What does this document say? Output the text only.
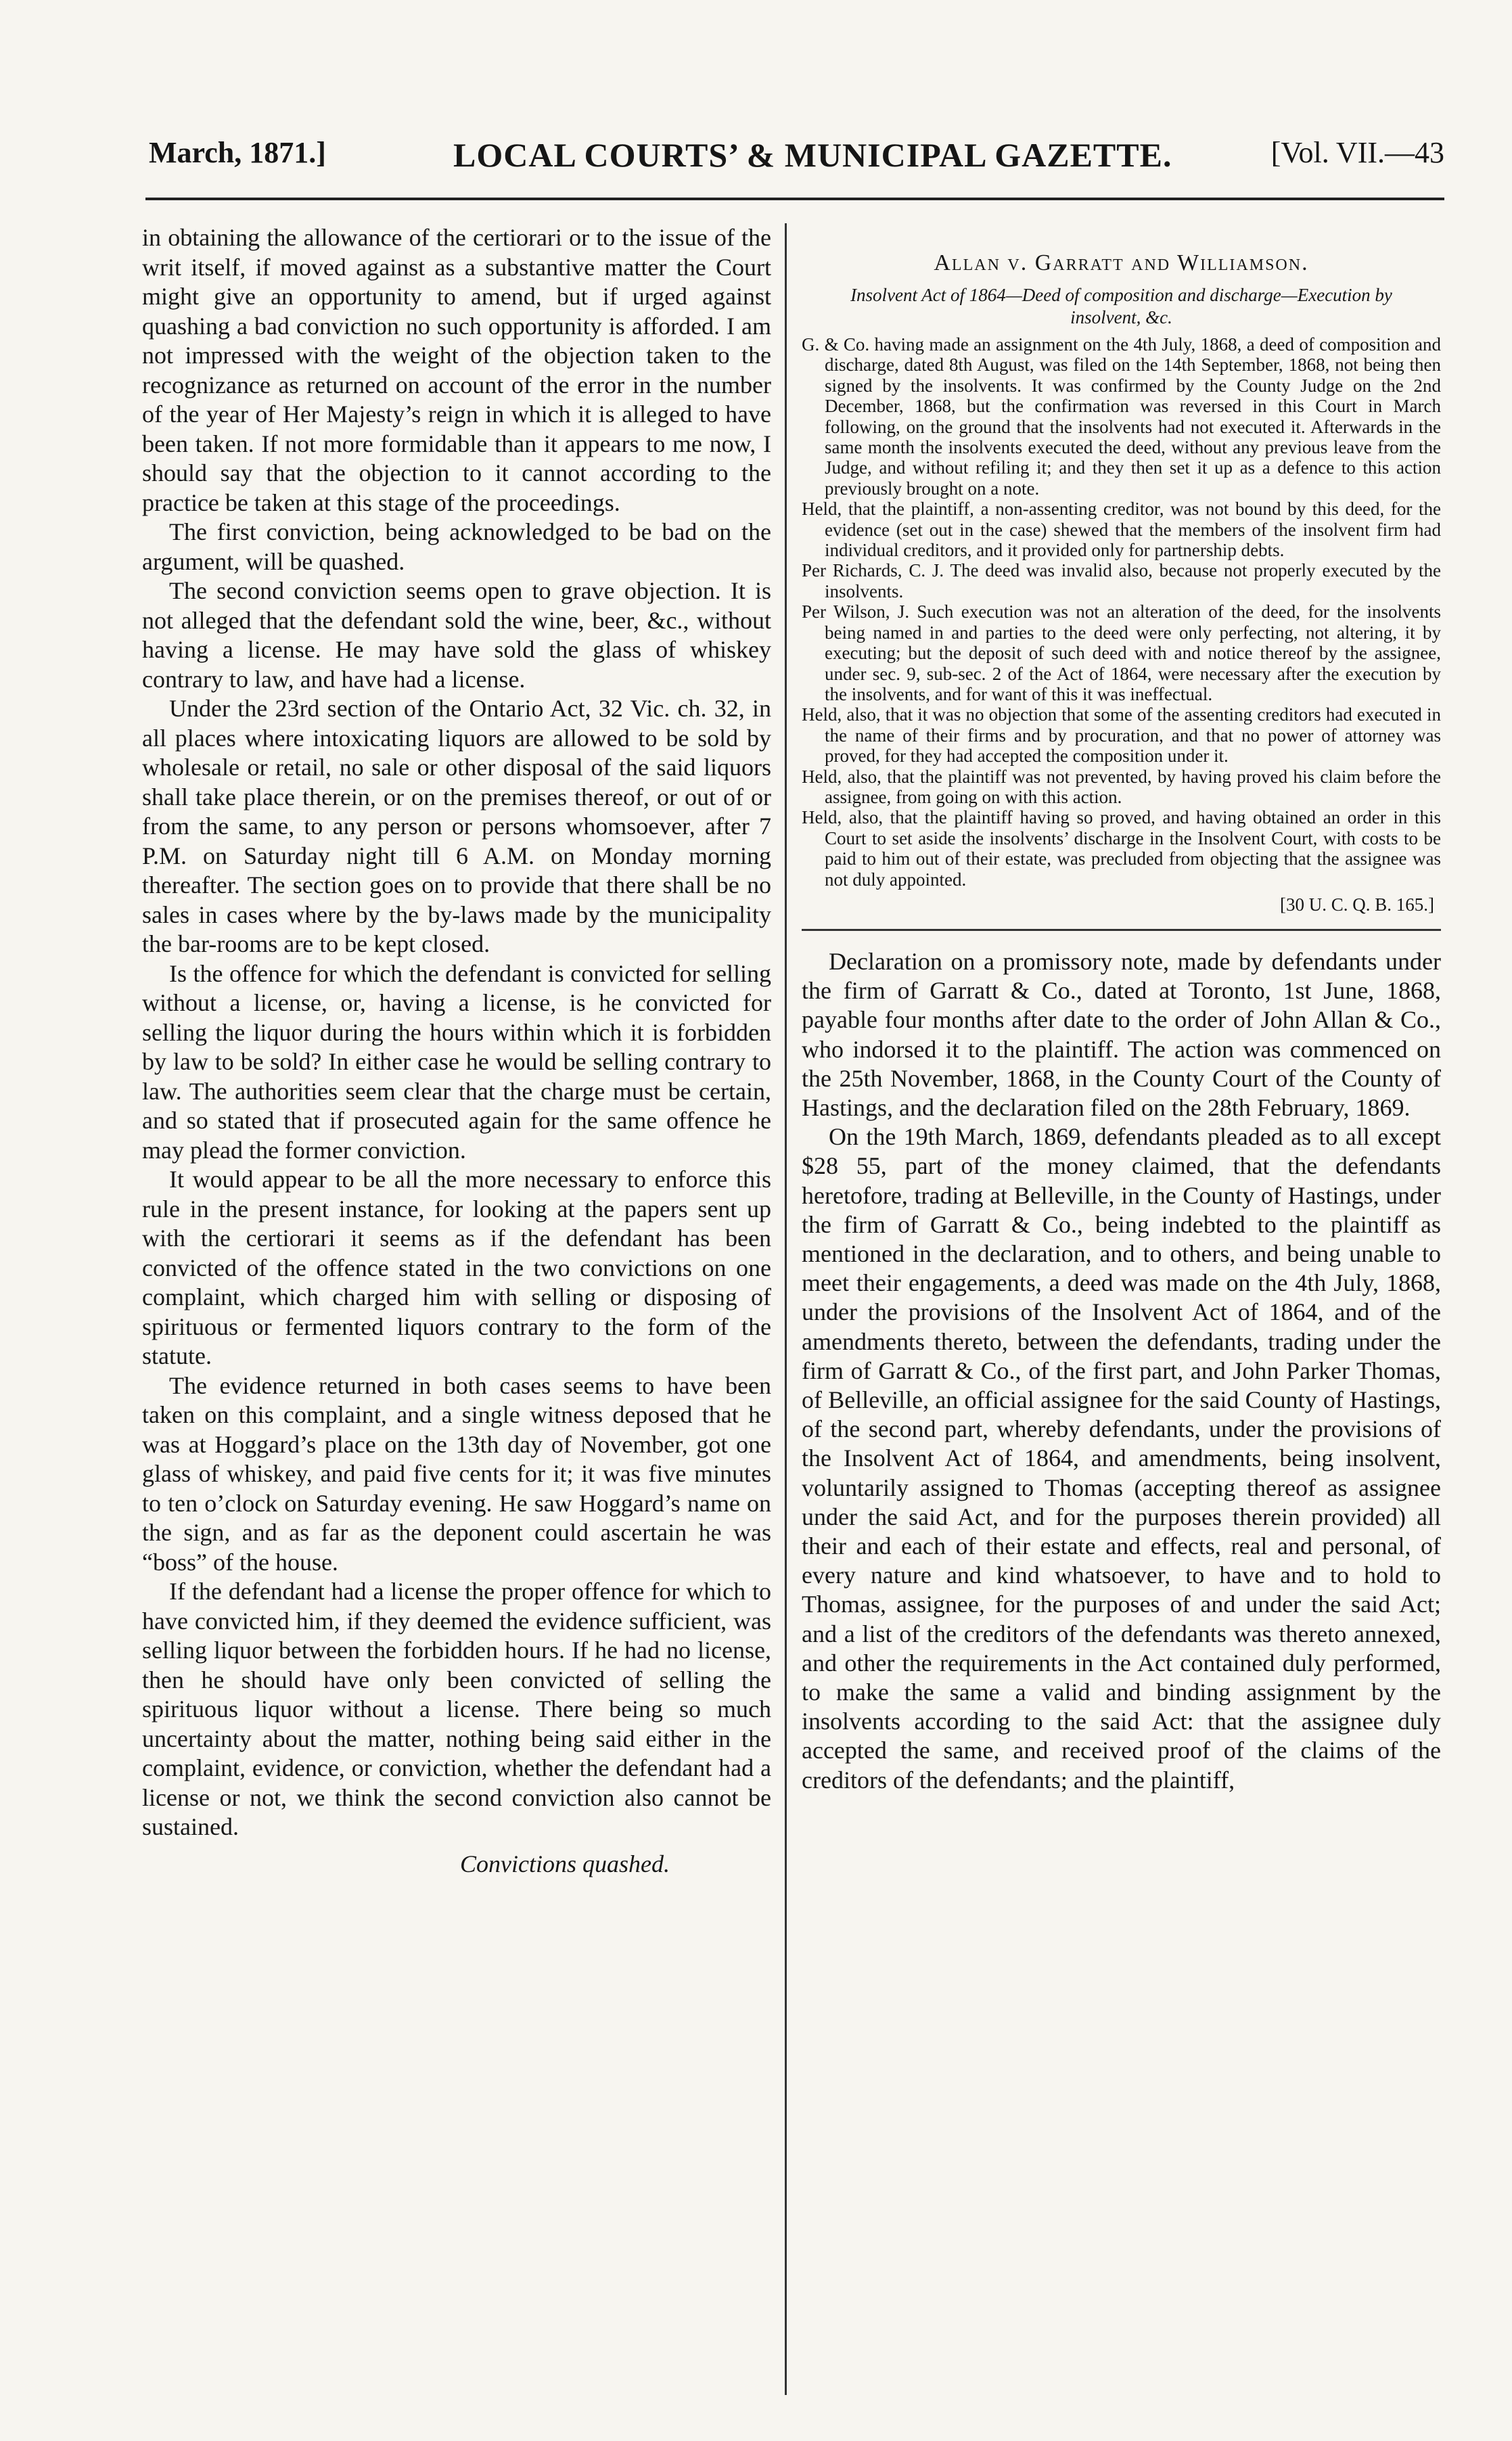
March, 1871.]	LOCAL COURTS’ & MUNICIPAL GAZETTE.	[Vol. VII.—43

in obtaining the allowance of the certiorari or to the issue of the writ itself, if moved against as a substantive matter the Court might give an opportunity to amend, but if urged against quashing a bad conviction no such opportunity is afforded. I am not impressed with the weight of the objection taken to the recognizance as returned on account of the error in the number of the year of Her Majesty’s reign in which it is alleged to have been taken. If not more formidable than it appears to me now, I should say that the objection to it cannot according to the practice be taken at this stage of the proceedings.

The first conviction, being acknowledged to be bad on the argument, will be quashed.

The second conviction seems open to grave objection. It is not alleged that the defendant sold the wine, beer, &c., without having a license. He may have sold the glass of whiskey contrary to law, and have had a license.

Under the 23rd section of the Ontario Act, 32 Vic. ch. 32, in all places where intoxicating liquors are allowed to be sold by wholesale or retail, no sale or other disposal of the said liquors shall take place therein, or on the premises thereof, or out of or from the same, to any person or persons whomsoever, after 7 P.M. on Saturday night till 6 A.M. on Monday morning thereafter. The section goes on to provide that there shall be no sales in cases where by the by-laws made by the municipality the bar-rooms are to be kept closed.

Is the offence for which the defendant is convicted for selling without a license, or, having a license, is he convicted for selling the liquor during the hours within which it is forbidden by law to be sold? In either case he would be selling contrary to law. The authorities seem clear that the charge must be certain, and so stated that if prosecuted again for the same offence he may plead the former conviction.

It would appear to be all the more necessary to enforce this rule in the present instance, for looking at the papers sent up with the certiorari it seems as if the defendant has been convicted of the offence stated in the two convictions on one complaint, which charged him with selling or disposing of spirituous or fermented liquors contrary to the form of the statute.

The evidence returned in both cases seems to have been taken on this complaint, and a single witness deposed that he was at Hoggard’s place on the 13th day of November, got one glass of whiskey, and paid five cents for it; it was five minutes to ten o’clock on Saturday evening. He saw Hoggard’s name on the sign, and as far as the deponent could ascertain he was “boss” of the house.

If the defendant had a license the proper offence for which to have convicted him, if they deemed the evidence sufficient, was selling liquor between the forbidden hours. If he had no license, then he should have only been convicted of selling the spirituous liquor without a license. There being so much uncertainty about the matter, nothing being said either in the complaint, evidence, or conviction, whether the defendant had a license or not, we think the second conviction also cannot be sustained.

Convictions quashed.

Allan v. Garratt and Williamson.
Insolvent Act of 1864—Deed of composition and discharge—Execution by insolvent, &c.

G. & Co. having made an assignment on the 4th July, 1868, a deed of composition and discharge, dated 8th August, was filed on the 14th September, 1868, not being then signed by the insolvents. It was confirmed by the County Judge on the 2nd December, 1868, but the confirmation was reversed in this Court in March following, on the ground that the insolvents had not executed it. Afterwards in the same month the insolvents executed the deed, without any previous leave from the Judge, and without refiling it; and they then set it up as a defence to this action previously brought on a note.

Held, that the plaintiff, a non-assenting creditor, was not bound by this deed, for the evidence (set out in the case) shewed that the members of the insolvent firm had individual creditors, and it provided only for partnership debts.

Per Richards, C. J. The deed was invalid also, because not properly executed by the insolvents.

Per Wilson, J. Such execution was not an alteration of the deed, for the insolvents being named in and parties to the deed were only perfecting, not altering, it by executing; but the deposit of such deed with and notice thereof by the assignee, under sec. 9, sub-sec. 2 of the Act of 1864, were necessary after the execution by the insolvents, and for want of this it was ineffectual.

Held, also, that it was no objection that some of the assenting creditors had executed in the name of their firms and by procuration, and that no power of attorney was proved, for they had accepted the composition under it.

Held, also, that the plaintiff was not prevented, by having proved his claim before the assignee, from going on with this action.

Held, also, that the plaintiff having so proved, and having obtained an order in this Court to set aside the insolvents’ discharge in the Insolvent Court, with costs to be paid to him out of their estate, was precluded from objecting that the assignee was not duly appointed.

[30 U. C. Q. B. 165.]

Declaration on a promissory note, made by defendants under the firm of Garratt & Co., dated at Toronto, 1st June, 1868, payable four months after date to the order of John Allan & Co., who indorsed it to the plaintiff. The action was commenced on the 25th November, 1868, in the County Court of the County of Hastings, and the declaration filed on the 28th February, 1869.

On the 19th March, 1869, defendants pleaded as to all except $28 55, part of the money claimed, that the defendants heretofore, trading at Belleville, in the County of Hastings, under the firm of Garratt & Co., being indebted to the plaintiff as mentioned in the declaration, and to others, and being unable to meet their engagements, a deed was made on the 4th July, 1868, under the provisions of the Insolvent Act of 1864, and of the amendments thereto, between the defendants, trading under the firm of Garratt & Co., of the first part, and John Parker Thomas, of Belleville, an official assignee for the said County of Hastings, of the second part, whereby defendants, under the provisions of the Insolvent Act of 1864, and amendments, being insolvent, voluntarily assigned to Thomas (accepting thereof as assignee under the said Act, and for the purposes therein provided) all their and each of their estate and effects, real and personal, of every nature and kind whatsoever, to have and to hold to Thomas, assignee, for the purposes of and under the said Act; and a list of the creditors of the defendants was thereto annexed, and other the requirements in the Act contained duly performed, to make the same a valid and binding assignment by the insolvents according to the said Act: that the assignee duly accepted the same, and received proof of the claims of the creditors of the defendants; and the plaintiff,
